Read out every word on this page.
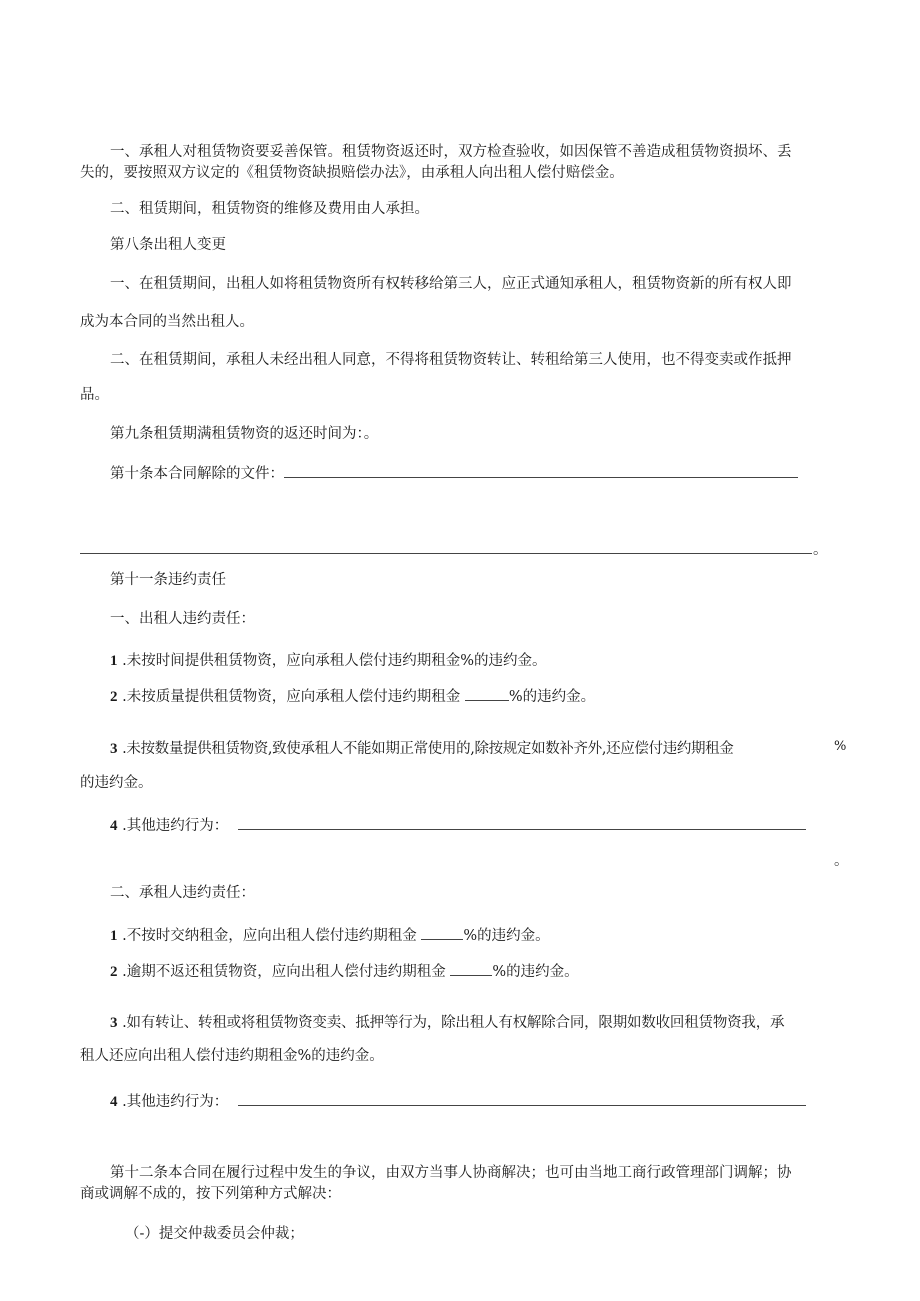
一、承租人对租赁物资要妥善保管。租赁物资返还时，双方检查验收，如因保管不善造成租赁物资损坏、丢
失的，要按照双方议定的《租赁物资缺损赔偿办法》，由承租人向出租人偿付赔偿金。
二、租赁期间，租赁物资的维修及费用由人承担。
第八条出租人变更
一、在租赁期间，出租人如将租赁物资所有权转移给第三人，应正式通知承租人，租赁物资新的所有权人即
成为本合同的当然出租人。
二、在租赁期间，承租人未经出租人同意，不得将租赁物资转让、转租给第三人使用，也不得变卖或作抵押
品。
第九条租赁期满租赁物资的返还时间为：。
第十条本合同解除的文件：
。
第十一条违约责任
一、出租人违约责任：
1 .未按时间提供租赁物资，应向承租人偿付违约期租金%的违约金。
2 .未按质量提供租赁物资，应向承租人偿付违约期租金	%的违约金。
3 .未按数量提供租赁物资,致使承租人不能如期正常使用的,除按规定如数补齐外,还应偿付违约期租金	%
的违约金。
4 .其他违约行为：
。
二、承租人违约责任：
1 .不按时交纳租金，应向出租人偿付违约期租金	%的违约金。
2 .逾期不返还租赁物资，应向出租人偿付违约期租金	%的违约金。
3 .如有转让、转租或将租赁物资变卖、抵押等行为，除出租人有权解除合同，限期如数收回租赁物资我，承
租人还应向出租人偿付违约期租金%的违约金。
4 .其他违约行为：
第十二条本合同在履行过程中发生的争议，由双方当事人协商解决；也可由当地工商行政管理部门调解；协
商或调解不成的，按下列第种方式解决：
（-）提交仲裁委员会仲裁；
